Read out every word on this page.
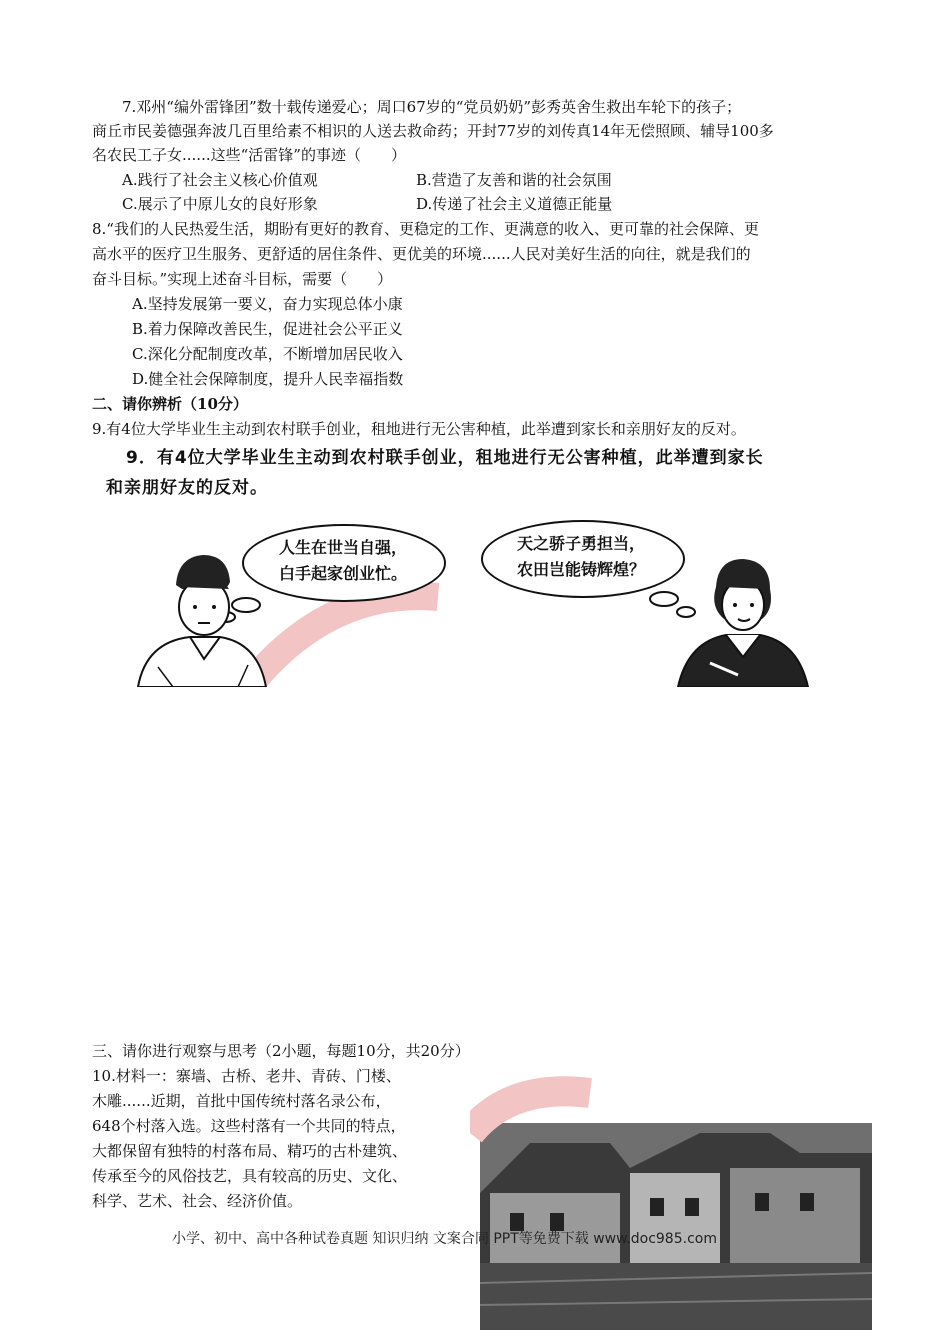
7.邓州“编外雷锋团”数十载传递爱心；周口67岁的“党员奶奶”彭秀英舍生救出车轮下的孩子；
商丘市民姜德强奔波几百里给素不相识的人送去救命药；开封77岁的刘传真14年无偿照顾、辅导100多
名农民工子女......这些“活雷锋”的事迹（　　）
A.践行了社会主义核心价值观	B.营造了友善和谐的社会氛围
C.展示了中原儿女的良好形象	D.传递了社会主义道德正能量
8.“我们的人民热爱生活，期盼有更好的教育、更稳定的工作、更满意的收入、更可靠的社会保障、更
高水平的医疗卫生服务、更舒适的居住条件、更优美的环境......人民对美好生活的向往，就是我们的
奋斗目标。”实现上述奋斗目标，需要（　　）
A.坚持发展第一要义，奋力实现总体小康
B.着力保障改善民生，促进社会公平正义
C.深化分配制度改革，不断增加居民收入
D.健全社会保障制度，提升人民幸福指数
二、请你辨析（10分）
9.有4位大学毕业生主动到农村联手创业，租地进行无公害种植，此举遭到家长和亲朋好友的反对。
9．有4位大学毕业生主动到农村联手创业，租地进行无公害种植，此举遭到家长
和亲朋好友的反对。
人生在世当自强，
白手起家创业忙。
天之骄子勇担当，
农田岂能铸辉煌？
三、请你进行观察与思考（2小题，每题10分，共20分）
10.材料一：寨墙、古桥、老井、青砖、门楼、
木雕......近期，首批中国传统村落名录公布，
648个村落入选。这些村落有一个共同的特点，
大都保留有独特的村落布局、精巧的古朴建筑、
传承至今的风俗技艺，具有较高的历史、文化、
科学、艺术、社会、经济价值。
小学、初中、高中各种试卷真题 知识归纳 文案合同 PPT等免费下载 www.doc985.com
